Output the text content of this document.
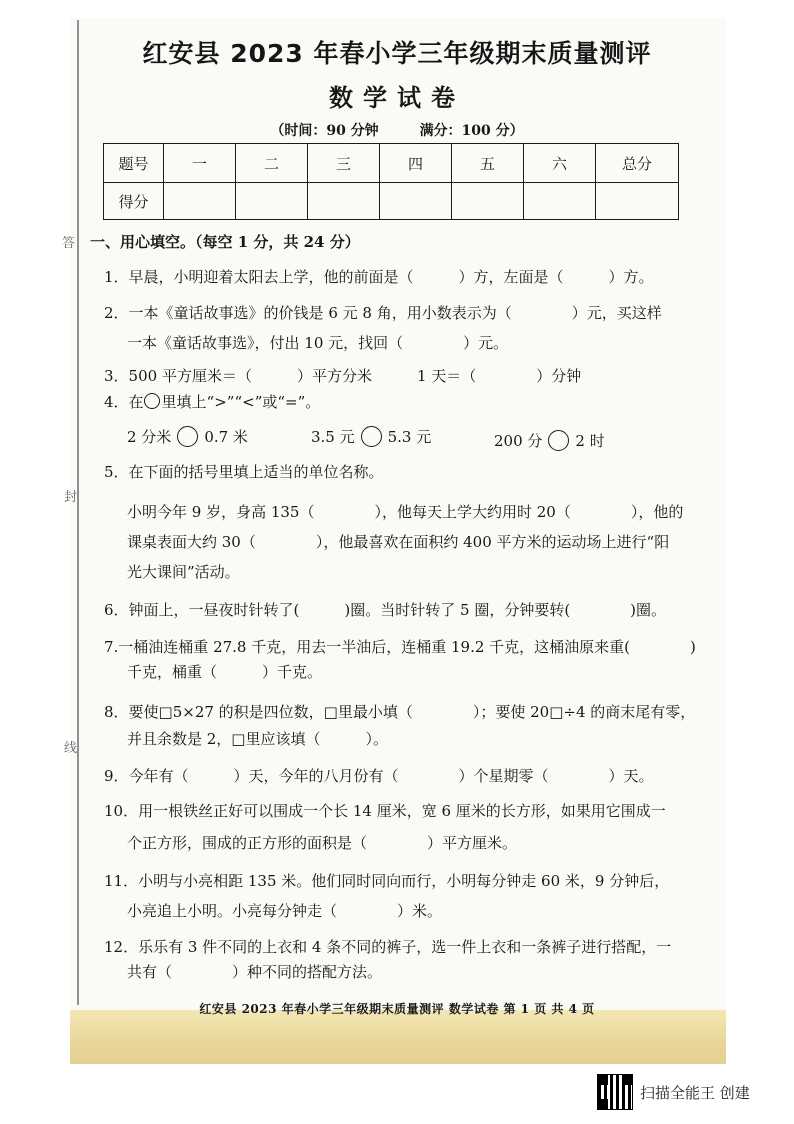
答
封
线
红安县 2023 年春小学三年级期末质量测评
数学试卷
（时间：90 分钟	满分：100 分）
题号	一	二	三	四	五	六	总分
得分							
一、用心填空。（每空 1 分，共 24 分）
1．早晨，小明迎着太阳去上学，他的前面是（　　　）方，左面是（　　　）方。
2．一本《童话故事选》的价钱是 6 元 8 角，用小数表示为（　　　　）元，买这样
一本《童话故事选》，付出 10 元，找回（　　　　）元。
3．500 平方厘米＝（　　　）平方分米　　　1 天＝（　　　　）分钟
4．在 里填上“>”“<”或“=”。
2 分米 0.7 米	3.5 元 5.3 元	200 分 2 时
5．在下面的括号里填上适当的单位名称。
小明今年 9 岁，身高 135（　　　　），他每天上学大约用时 20（　　　　），他的
课桌表面大约 30（　　　　），他最喜欢在面积约 400 平方米的运动场上进行“阳
光大课间”活动。
6．钟面上，一昼夜时针转了(　　　)圈。当时针转了 5 圈，分钟要转(　　　　)圈。
7.一桶油连桶重 27.8 千克，用去一半油后，连桶重 19.2 千克，这桶油原来重(　　　　)
千克，桶重（　　　）千克。
8．要使□5×27 的积是四位数，□里最小填（　　　　）；要使 20□÷4 的商末尾有零，
并且余数是 2，□里应该填（　　　）。
9．今年有（　　　）天，今年的八月份有（　　　　）个星期零（　　　　）天。
10．用一根铁丝正好可以围成一个长 14 厘米，宽 6 厘米的长方形，如果用它围成一
个正方形，围成的正方形的面积是（　　　　）平方厘米。
11．小明与小亮相距 135 米。他们同时同向而行，小明每分钟走 60 米，9 分钟后，
小亮追上小明。小亮每分钟走（　　　　）米。
12．乐乐有 3 件不同的上衣和 4 条不同的裤子，选一件上衣和一条裤子进行搭配，一
共有（　　　　）种不同的搭配方法。
红安县 2023 年春小学三年级期末质量测评 数学试卷 第 1 页 共 4 页
扫描全能王 创建
